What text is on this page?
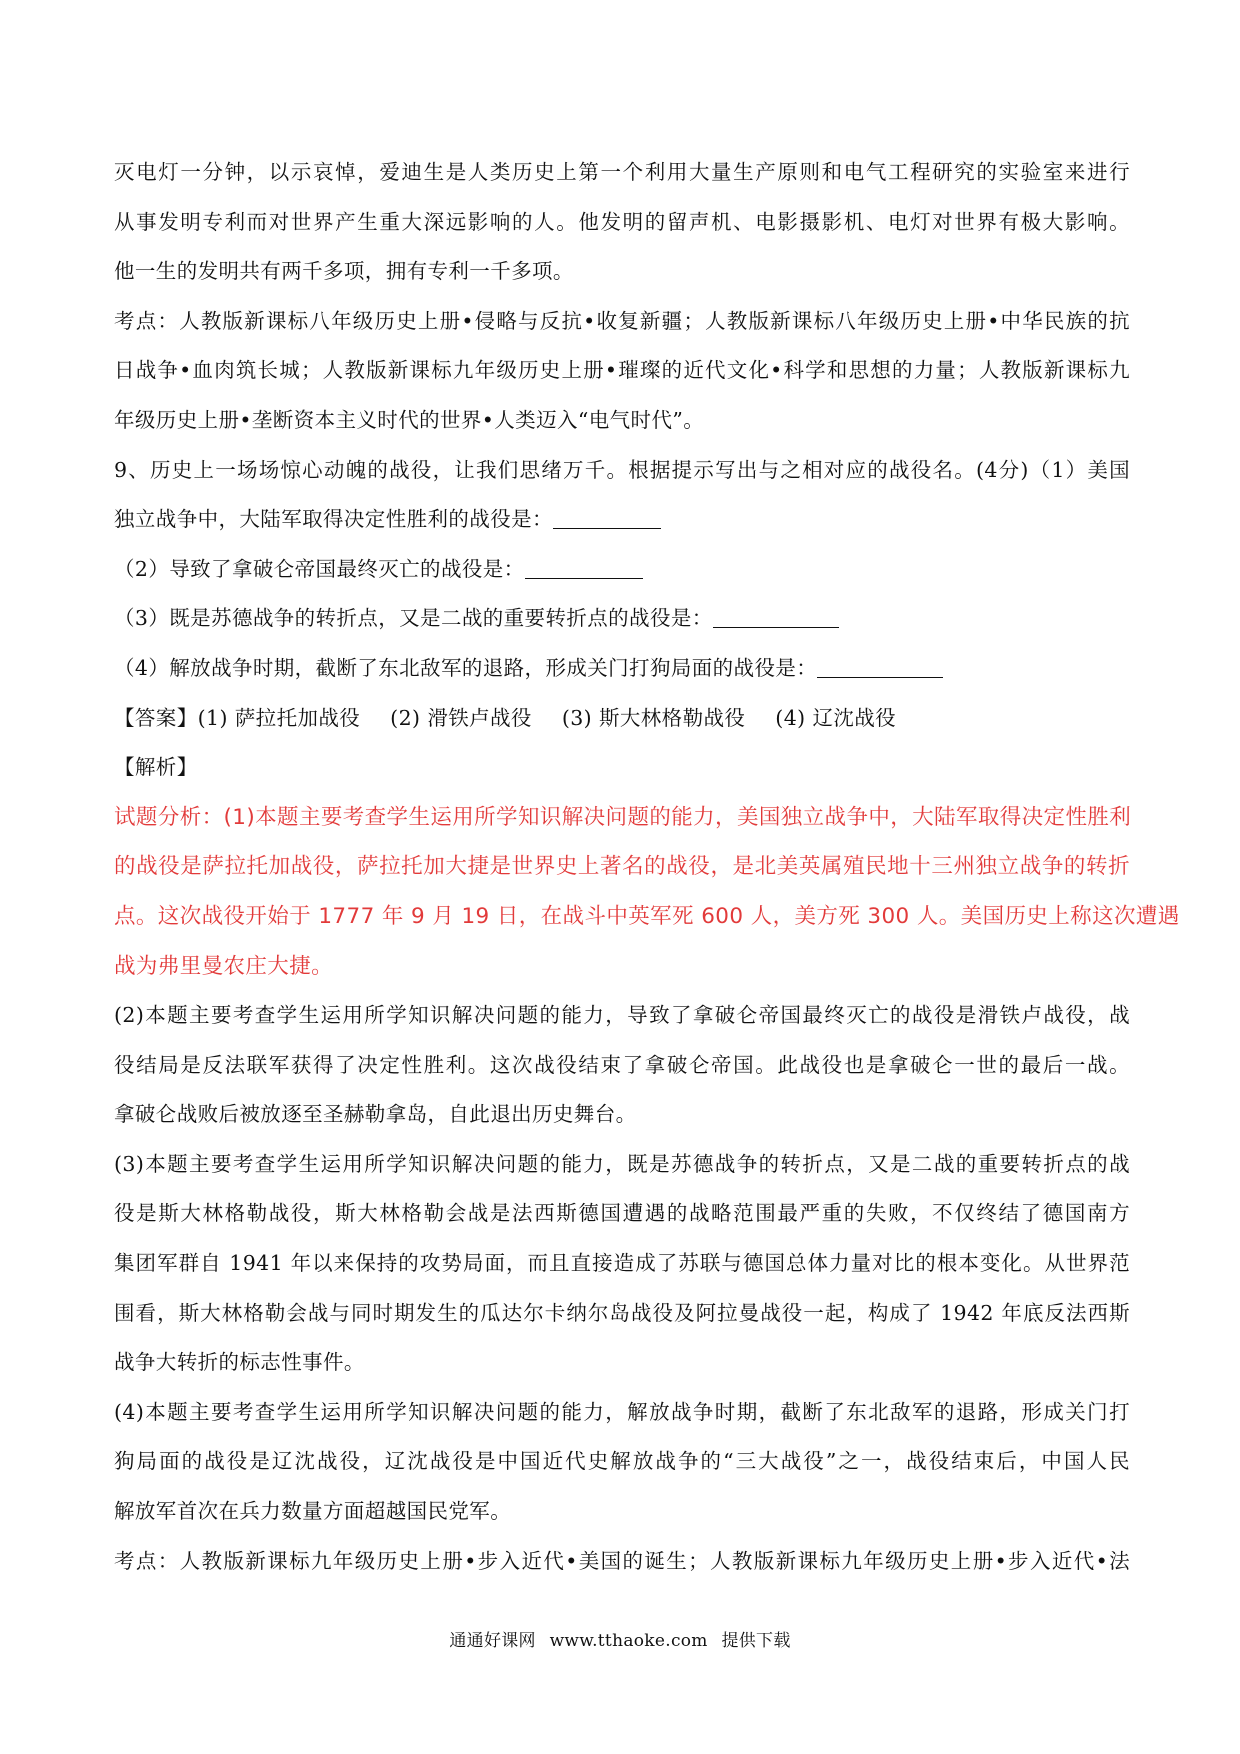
灭电灯一分钟，以示哀悼，爱迪生是人类历史上第一个利用大量生产原则和电气工程研究的实验室来进行
从事发明专利而对世界产生重大深远影响的人。他发明的留声机、电影摄影机、电灯对世界有极大影响。
他一生的发明共有两千多项，拥有专利一千多项。
考点：人教版新课标八年级历史上册•侵略与反抗•收复新疆；人教版新课标八年级历史上册•中华民族的抗
日战争•血肉筑长城；人教版新课标九年级历史上册•璀璨的近代文化•科学和思想的力量；人教版新课标九
年级历史上册•垄断资本主义时代的世界•人类迈入“电气时代”。
9、历史上一场场惊心动魄的战役，让我们思绪万千。根据提示写出与之相对应的战役名。(4分)（1）美国
独立战争中，大陆军取得决定性胜利的战役是：
（2）导致了拿破仑帝国最终灭亡的战役是：
（3）既是苏德战争的转折点，又是二战的重要转折点的战役是：
（4）解放战争时期，截断了东北敌军的退路，形成关门打狗局面的战役是：
【答案】(1) 萨拉托加战役 (2) 滑铁卢战役 (3) 斯大林格勒战役 (4) 辽沈战役
【解析】
试题分析：(1)本题主要考查学生运用所学知识解决问题的能力，美国独立战争中，大陆军取得决定性胜利
的战役是萨拉托加战役，萨拉托加大捷是世界史上著名的战役，是北美英属殖民地十三州独立战争的转折
点。这次战役开始于 1777 年 9 月 19 日，在战斗中英军死 600 人，美方死 300 人。美国历史上称这次遭遇
战为弗里曼农庄大捷。
(2)本题主要考查学生运用所学知识解决问题的能力，导致了拿破仑帝国最终灭亡的战役是滑铁卢战役，战
役结局是反法联军获得了决定性胜利。这次战役结束了拿破仑帝国。此战役也是拿破仑一世的最后一战。
拿破仑战败后被放逐至圣赫勒拿岛，自此退出历史舞台。
(3)本题主要考查学生运用所学知识解决问题的能力，既是苏德战争的转折点，又是二战的重要转折点的战
役是斯大林格勒战役，斯大林格勒会战是法西斯德国遭遇的战略范围最严重的失败，不仅终结了德国南方
集团军群自 1941 年以来保持的攻势局面，而且直接造成了苏联与德国总体力量对比的根本变化。从世界范
围看，斯大林格勒会战与同时期发生的瓜达尔卡纳尔岛战役及阿拉曼战役一起，构成了 1942 年底反法西斯
战争大转折的标志性事件。
(4)本题主要考查学生运用所学知识解决问题的能力，解放战争时期，截断了东北敌军的退路，形成关门打
狗局面的战役是辽沈战役，辽沈战役是中国近代史解放战争的“三大战役”之一，战役结束后，中国人民
解放军首次在兵力数量方面超越国民党军。
考点：人教版新课标九年级历史上册•步入近代•美国的诞生；人教版新课标九年级历史上册•步入近代•法
通通好课网 www.tthaoke.com 提供下载
